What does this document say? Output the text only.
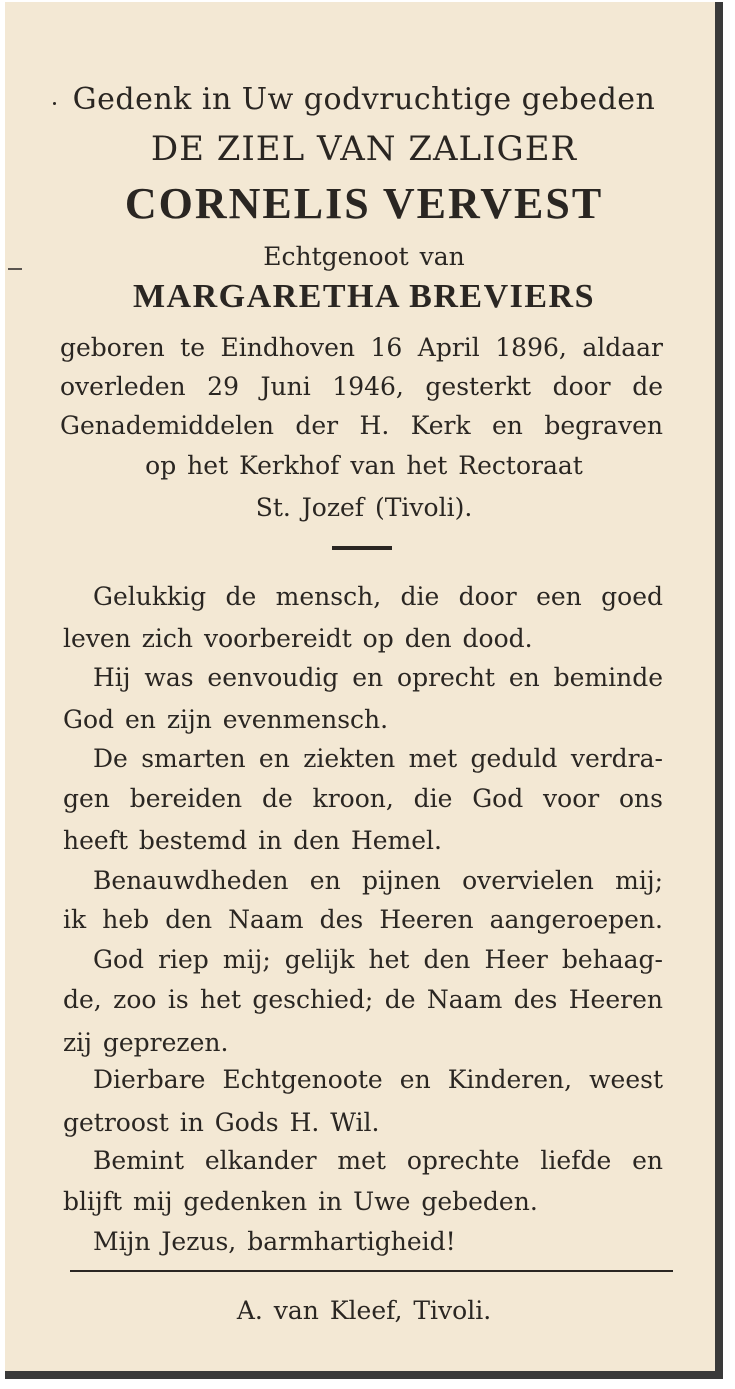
Gedenk in Uw godvruchtige gebeden
DE ZIEL VAN ZALIGER
CORNELIS VERVEST
Echtgenoot van
MARGARETHA BREVIERS
geboren te Eindhoven 16 April 1896, aldaar
overleden 29 Juni 1946, gesterkt door de
Genademiddelen der H. Kerk en begraven
op het Kerkhof van het Rectoraat
St. Jozef (Tivoli).
Gelukkig de mensch, die door een goed
leven zich voorbereidt op den dood.
Hij was eenvoudig en oprecht en beminde
God en zijn evenmensch.
De smarten en ziekten met geduld verdra-
gen bereiden de kroon, die God voor ons
heeft bestemd in den Hemel.
Benauwdheden en pijnen overvielen mij;
ik heb den Naam des Heeren aangeroepen.
God riep mij; gelijk het den Heer behaag-
de, zoo is het geschied; de Naam des Heeren
zij geprezen.
Dierbare Echtgenoote en Kinderen, weest
getroost in Gods H. Wil.
Bemint elkander met oprechte liefde en
blijft mij gedenken in Uwe gebeden.
Mijn Jezus, barmhartigheid!
A. van Kleef, Tivoli.
